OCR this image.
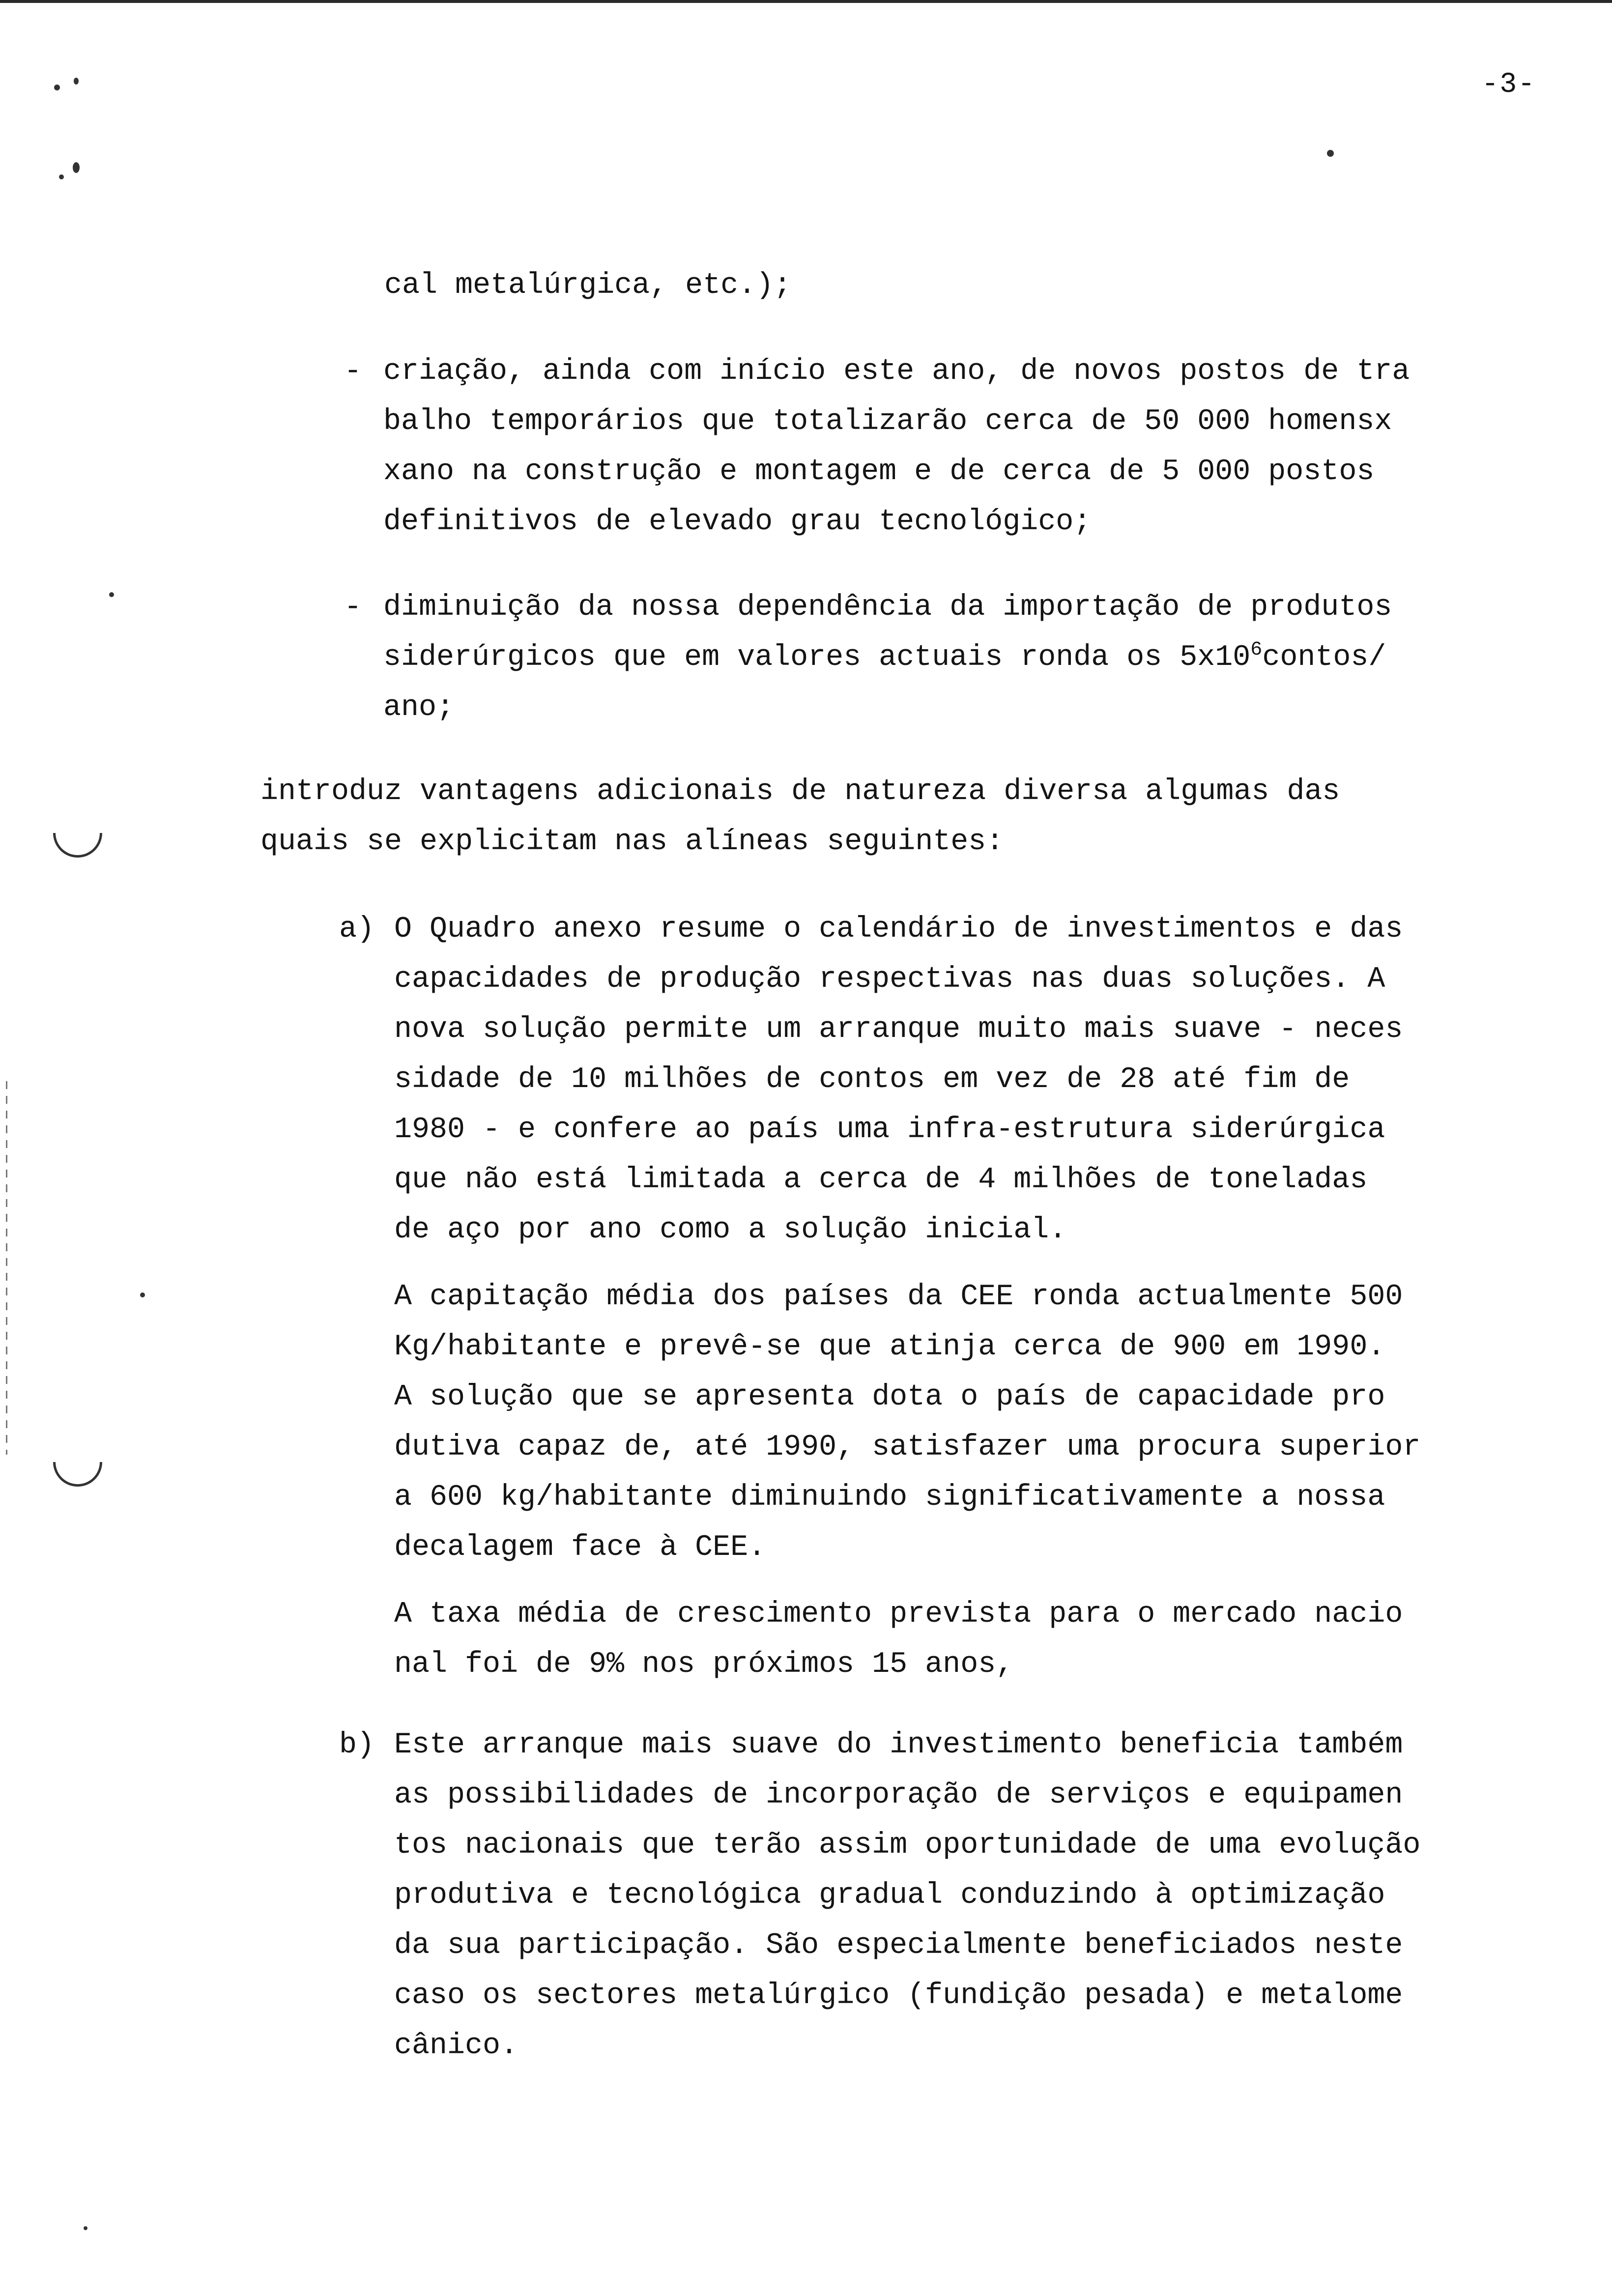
-3-
cal metalúrgica, etc.);
- criação, ainda com início este ano, de novos postos de tra
balho temporários que totalizarão cerca de 50 000 homensx
xano na construção e montagem e de cerca de 5 000 postos
definitivos de elevado grau tecnológico;
- diminuição da nossa dependência da importação de produtos
siderúrgicos que em valores actuais ronda os $5x10^6contos/$
ano;
introduz vantagens adicionais de natureza diversa algumas das
quais se explicitam nas alíneas seguintes:
a) O Quadro anexo resume o calendário de investimentos e das
capacidades de produção respectivas nas duas soluções. A
nova solução permite um arranque muito mais suave - neces
sidade de 10 milhões de contos em vez de 28 até fim de
1980 - e confere ao país uma infra-estrutura siderúrgica
que não está limitada a cerca de 4 milhões de toneladas
de aço por ano como a solução inicial.
A capitação média dos países da CEE ronda actualmente 500
Kg/habitante e prevê-se que atinja cerca de 900 em 1990.
A solução que se apresenta dota o país de capacidade pro
dutiva capaz de, até 1990, satisfazer uma procura superior
a 600 kg/habitante diminuindo significativamente a nossa
decalagem face à CEE.
A taxa média de crescimento prevista para o mercado nacio
nal foi de 9% nos próximos 15 anos,
b) Este arranque mais suave do investimento beneficia também
as possibilidades de incorporação de serviços e equipamen
tos nacionais que terão assim oportunidade de uma evolução
produtiva e tecnológica gradual conduzindo à optimização
da sua participação. São especialmente beneficiados neste
caso os sectores metalúrgico (fundição pesada) e metalome
cânico.
